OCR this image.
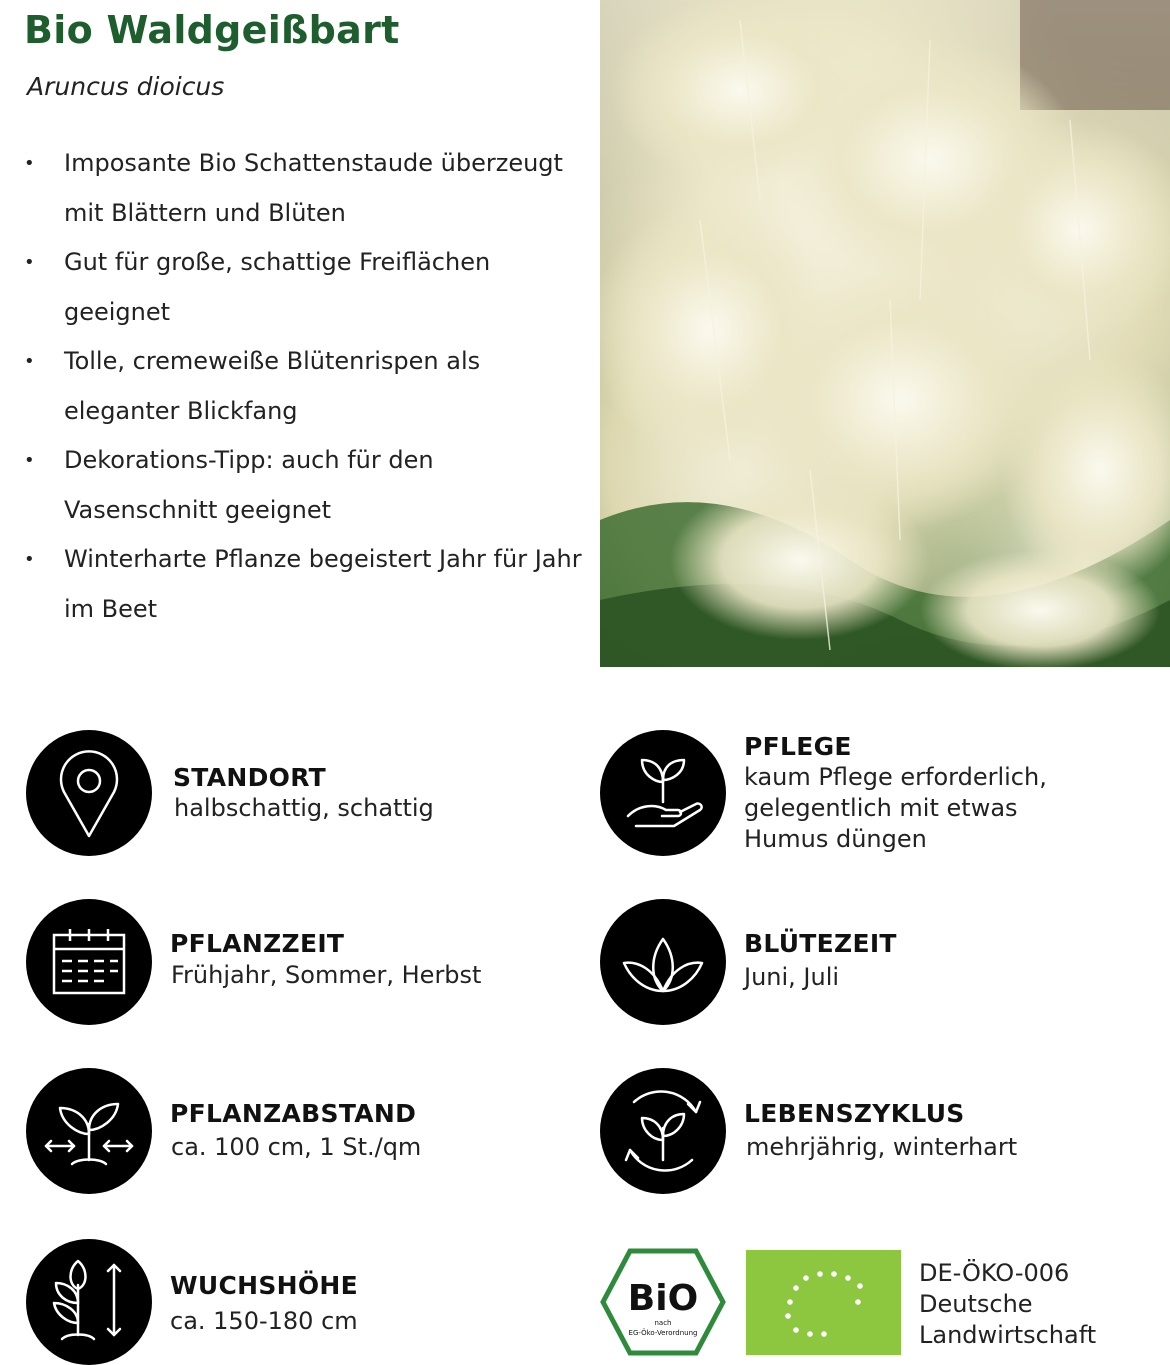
Bio Waldgeißbart
Aruncus dioicus
• Imposante Bio Schattenstaude überzeugt mit Blättern und Blüten
• Gut für große, schattige Freiflächen geeignet
• Tolle, cremeweiße Blütenrispen als eleganter Blickfang
• Dekorations-Tipp: auch für den Vasenschnitt geeignet
• Winterharte Pflanze begeistert Jahr für Jahr im Beet
STANDORT
halbschattig, schattig
PFLEGE
kaum Pflege erforderlich,
gelegentlich mit etwas
Humus düngen
PFLANZZEIT
Frühjahr, Sommer, Herbst
BLÜTEZEIT
Juni, Juli
PFLANZABSTAND
ca. 100 cm, 1 St./qm
LEBENSZYKLUS
mehrjährig, winterhart
WUCHSHÖHE
ca. 150-180 cm
BiO
nach
EG-Öko-Verordnung
DE-ÖKO-006
Deutsche
Landwirtschaft
